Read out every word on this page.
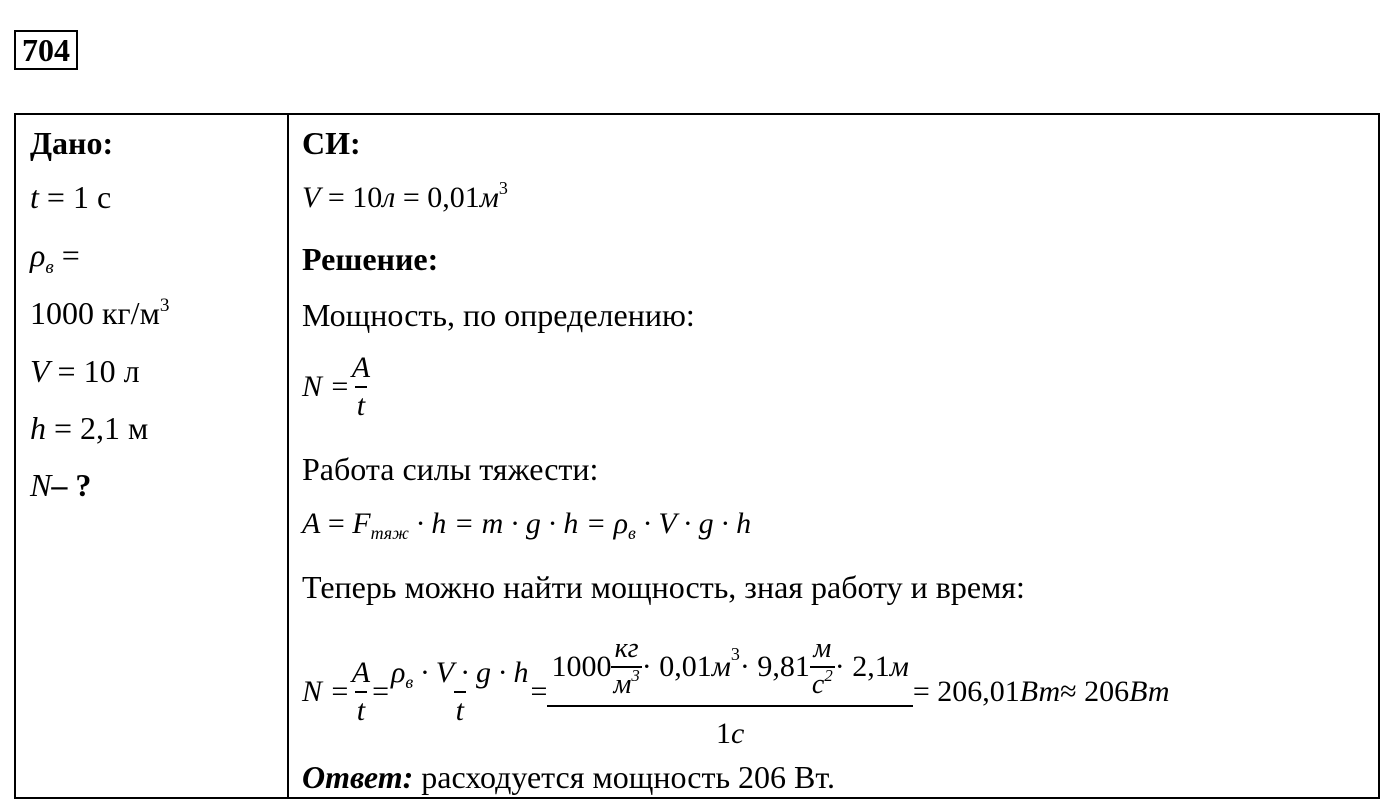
704
Дано:
t = 1 с
$\rho_в$ =
1000 $кг/м^3$
V = 10 л
h = 2,1 м
N– ?
СИ:
$V = 10л = 0,01м^3$
Решение:
Мощность, по определению:
$N = \frac{A}{t}$
Работа силы тяжести:
$A = F_{тяж} \cdot h = m \cdot g \cdot h = \rho_в \cdot V \cdot g \cdot h$
Теперь можно найти мощность, зная работу и время:
$N = \frac{A}{t} = \frac{\rho_в \cdot V \cdot g \cdot h}{t}$ =
$1000 \frac{кг}{м^3} \cdot 0,01$ $м^3 \cdot 9,81 \frac{м}{с^2} \cdot 2,1$ м
1с
= 206,01 Вт ≈ 206 Вт
Ответ: расходуется мощность 206 Вт.
